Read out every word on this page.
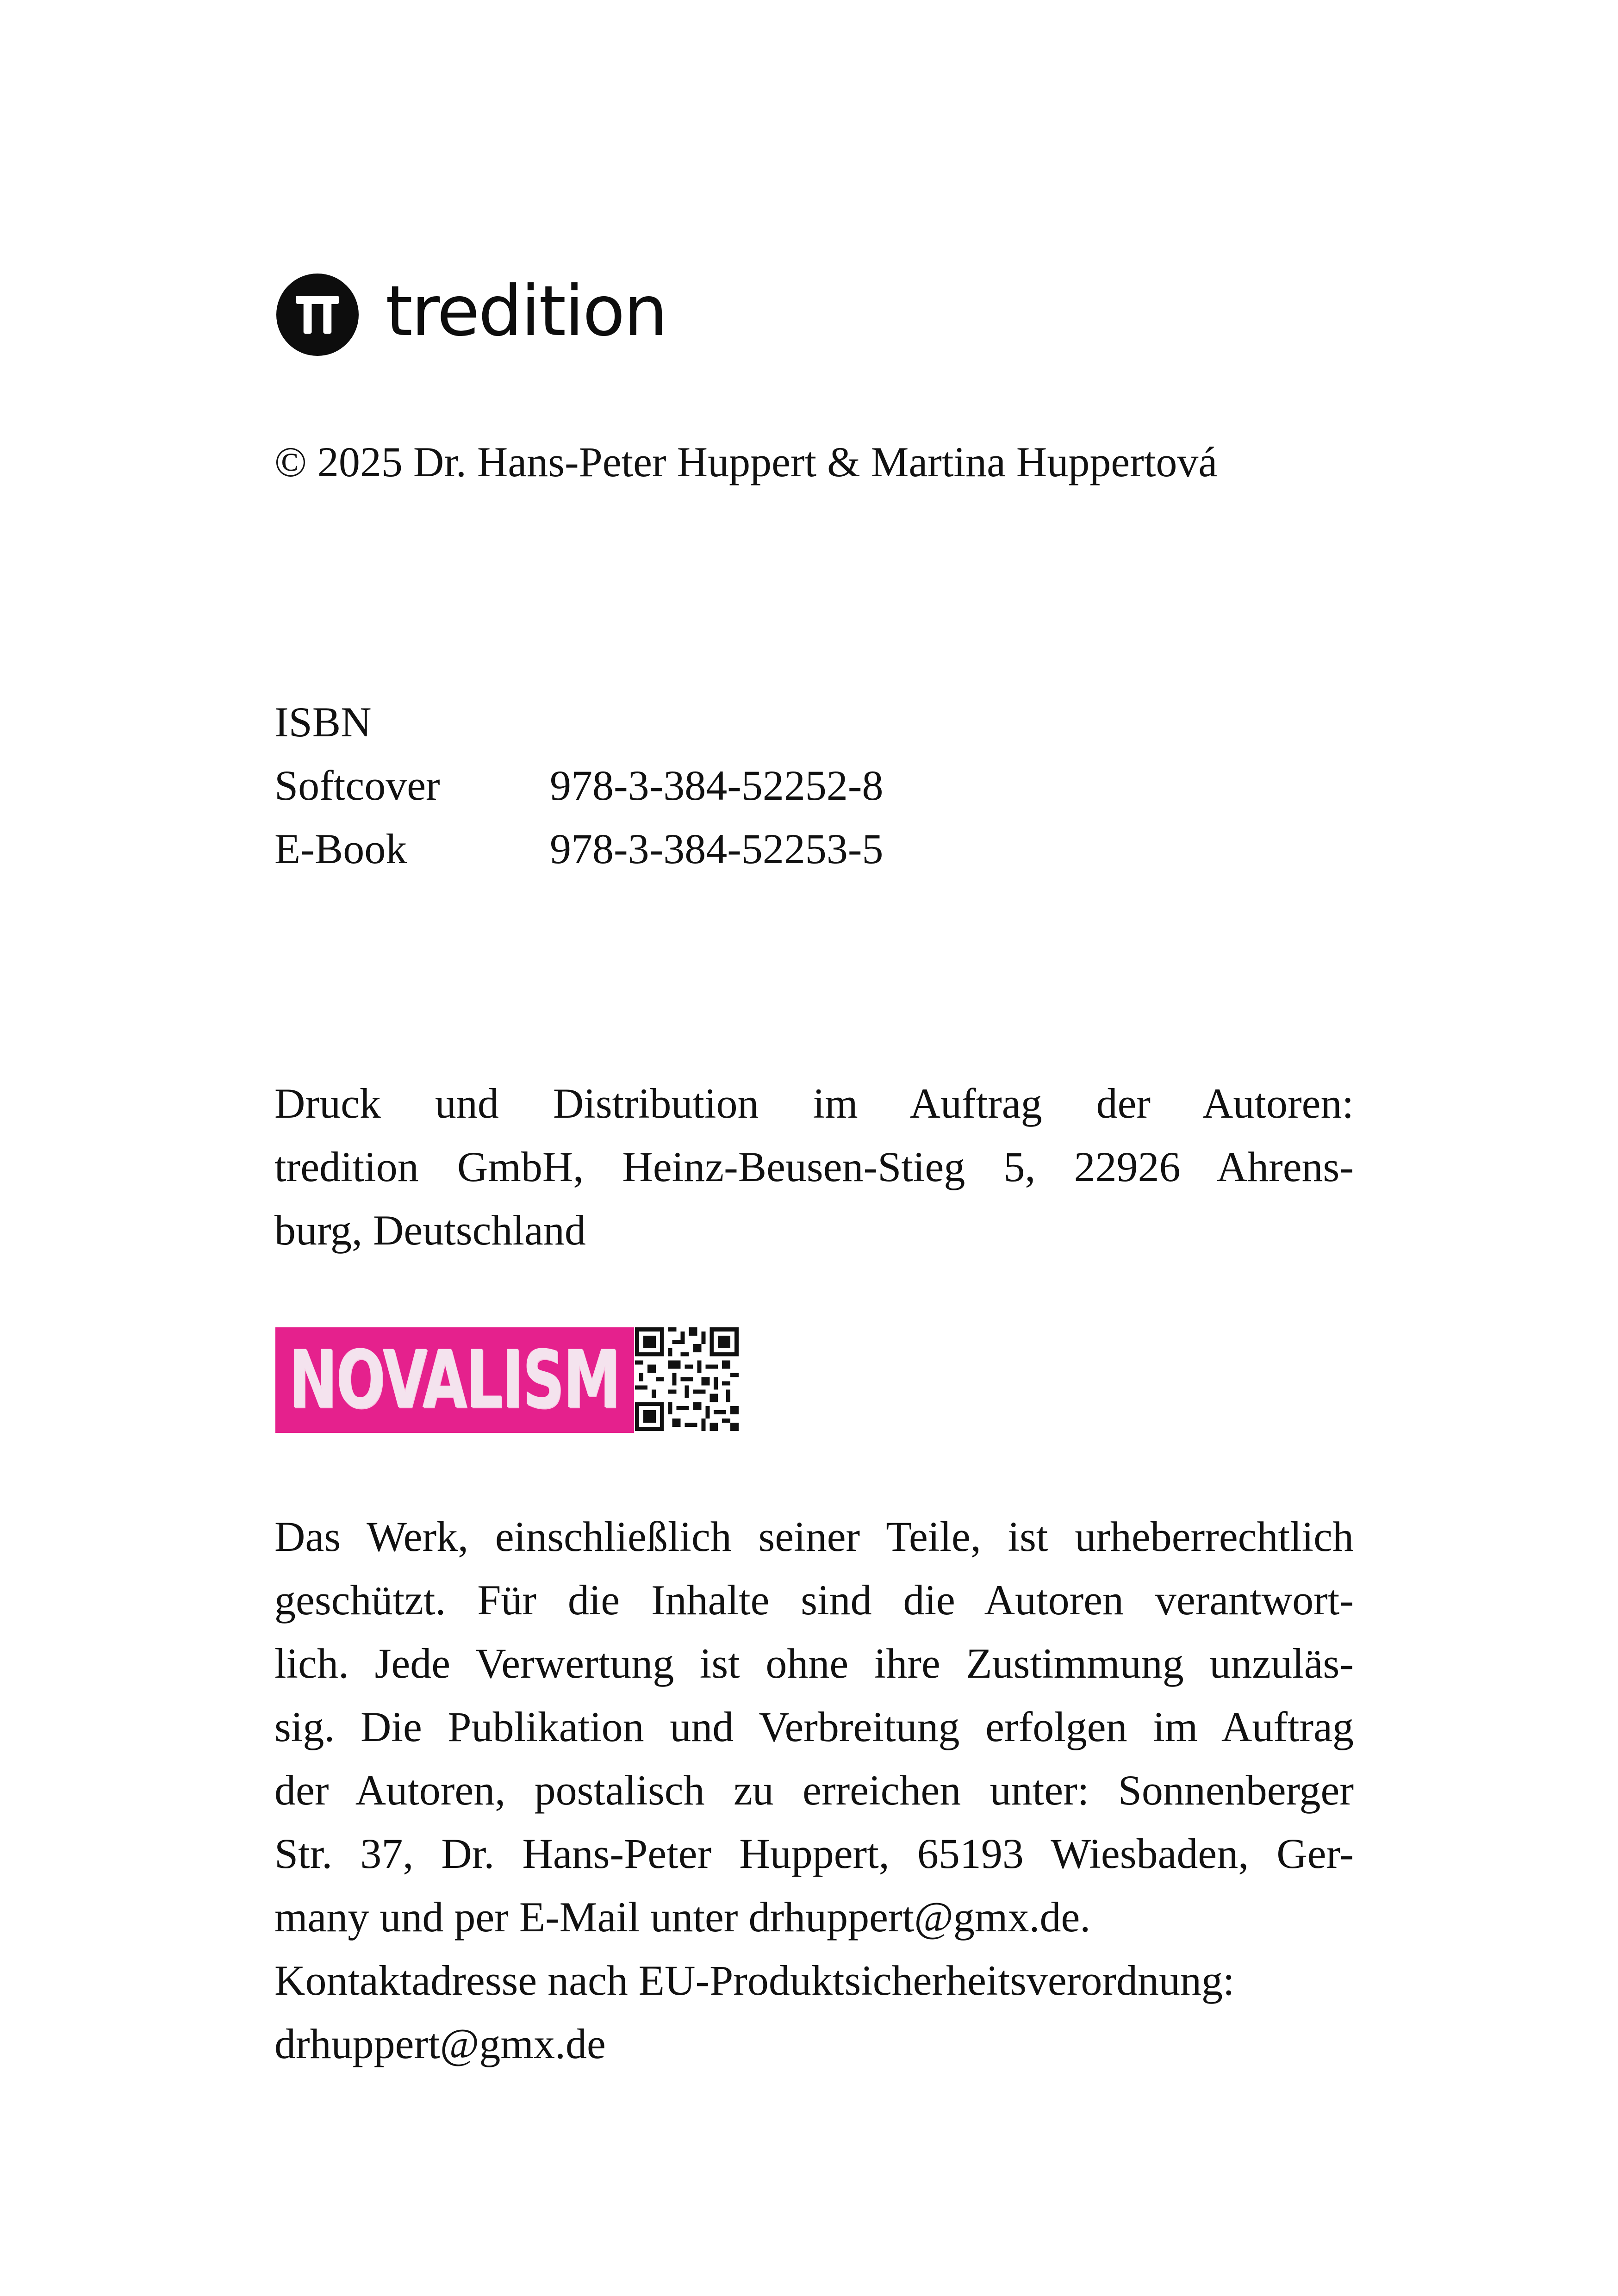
tredition
© 2025 Dr. Hans-Peter Huppert & Martina Huppertová
ISBN
Softcover	978-3-384-52252-8
E-Book	978-3-384-52253-5
Druck und Distribution im Auftrag der Autoren:
tredition GmbH, Heinz-Beusen-Stieg 5, 22926 Ahrens-
burg, Deutschland
NOVALISM
Das Werk, einschließlich seiner Teile, ist urheberrechtlich
geschützt. Für die Inhalte sind die Autoren verantwort-
lich. Jede Verwertung ist ohne ihre Zustimmung unzuläs-
sig. Die Publikation und Verbreitung erfolgen im Auftrag
der Autoren, postalisch zu erreichen unter: Sonnenberger
Str. 37, Dr. Hans-Peter Huppert, 65193 Wiesbaden, Ger-
many und per E-Mail unter drhuppert@gmx.de.
Kontaktadresse nach EU-Produktsicherheitsverordnung:
drhuppert@gmx.de
